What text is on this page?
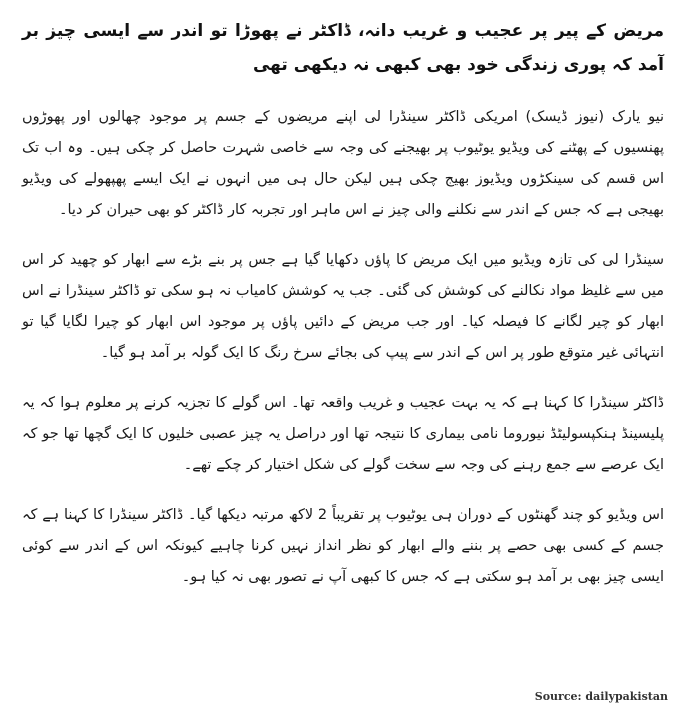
مریض کے پیر پر عجیب و غریب دانہ، ڈاکٹر نے پھوڑا تو اندر سے ایسی چیز بر آمد کہ پوری زندگی خود بھی کبھی نہ دیکھی تھی

نیو یارک (نیوز ڈیسک) امریکی ڈاکٹر سینڈرا لی اپنے مریضوں کے جسم پر موجود چھالوں اور پھوڑوں پھنسیوں کے پھٹنے کی ویڈیو یوٹیوب پر بھیجنے کی وجہ سے خاصی شہرت حاصل کر چکی ہیں۔ وہ اب تک اس قسم کی سینکڑوں ویڈیوز بھیج چکی ہیں لیکن حال ہی میں انہوں نے ایک ایسے پھپھولے کی ویڈیو بھیجی ہے کہ جس کے اندر سے نکلنے والی چیز نے اس ماہر اور تجربہ کار ڈاکٹر کو بھی حیران کر دیا۔

سینڈرا لی کی تازہ ویڈیو میں ایک مریض کا پاؤں دکھایا گیا ہے جس پر بنے بڑے سے ابھار کو چھید کر اس میں سے غلیظ مواد نکالنے کی کوشش کی گئی۔ جب یہ کوشش کامیاب نہ ہو سکی تو ڈاکٹر سینڈرا نے اس ابھار کو چیر لگانے کا فیصلہ کیا۔ اور جب مریض کے دائیں پاؤں پر موجود اس ابھار کو چیرا لگایا گیا تو انتہائی غیر متوقع طور پر اس کے اندر سے پیپ کی بجائے سرخ رنگ کا ایک گولہ بر آمد ہو گیا۔

ڈاکٹر سینڈرا کا کہنا ہے کہ یہ بہت عجیب و غریب واقعہ تھا۔ اس گولے کا تجزیہ کرنے پر معلوم ہوا کہ یہ پلیسینڈ ہنکپسولیٹڈ نیوروما نامی بیماری کا نتیجہ تھا اور دراصل یہ چیز عصبی خلیوں کا ایک گچھا تھا جو کہ ایک عرصے سے جمع رہنے کی وجہ سے سخت گولے کی شکل اختیار کر چکے تھے۔

اس ویڈیو کو چند گھنٹوں کے دوران ہی یوٹیوب پر تقریباً 2 لاکھ مرتبہ دیکھا گیا۔ ڈاکٹر سینڈرا کا کہنا ہے کہ جسم کے کسی بھی حصے پر بننے والے ابھار کو نظر انداز نہیں کرنا چاہیے کیونکہ اس کے اندر سے کوئی ایسی چیز بھی بر آمد ہو سکتی ہے کہ جس کا کبھی آپ نے تصور بھی نہ کیا ہو۔

Source: dailypakistan
